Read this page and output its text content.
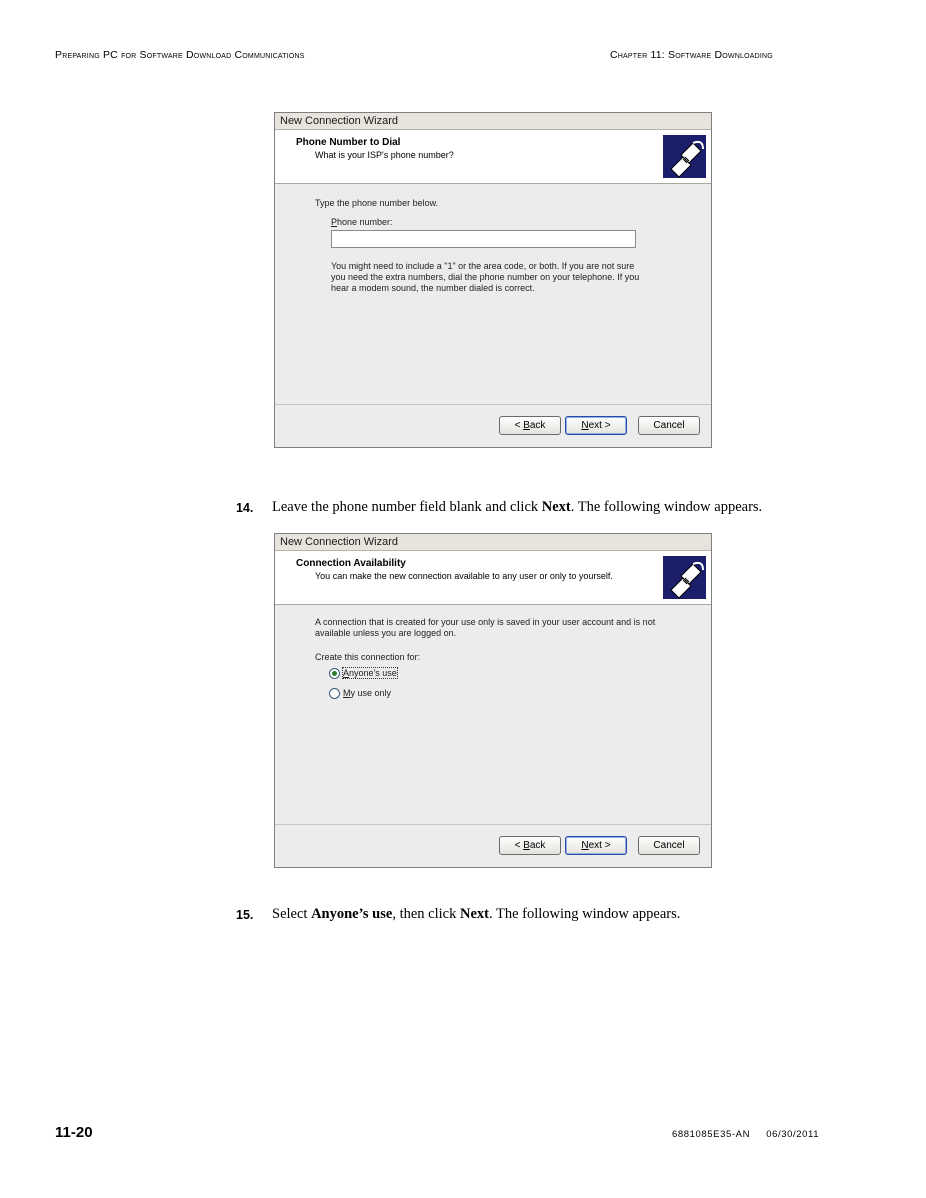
Preparing PC for Software Download Communications	Chapter 11: Software Downloading
New Connection Wizard
Phone Number to Dial
What is your ISP's phone number?
Type the phone number below.
Phone number:
You might need to include a "1" or the area code, or both. If you are not sure
you need the extra numbers, dial the phone number on your telephone. If you
hear a modem sound, the number dialed is correct.
< Back	Next >	Cancel
14. Leave the phone number field blank and click Next. The following window appears.
New Connection Wizard
Connection Availability
You can make the new connection available to any user or only to yourself.
A connection that is created for your use only is saved in your user account and is not
available unless you are logged on.
Create this connection for:
Anyone's use
My use only
< Back	Next >	Cancel
15. Select Anyone’s use, then click Next. The following window appears.
11-20	6881085E35-AN     06/30/2011
